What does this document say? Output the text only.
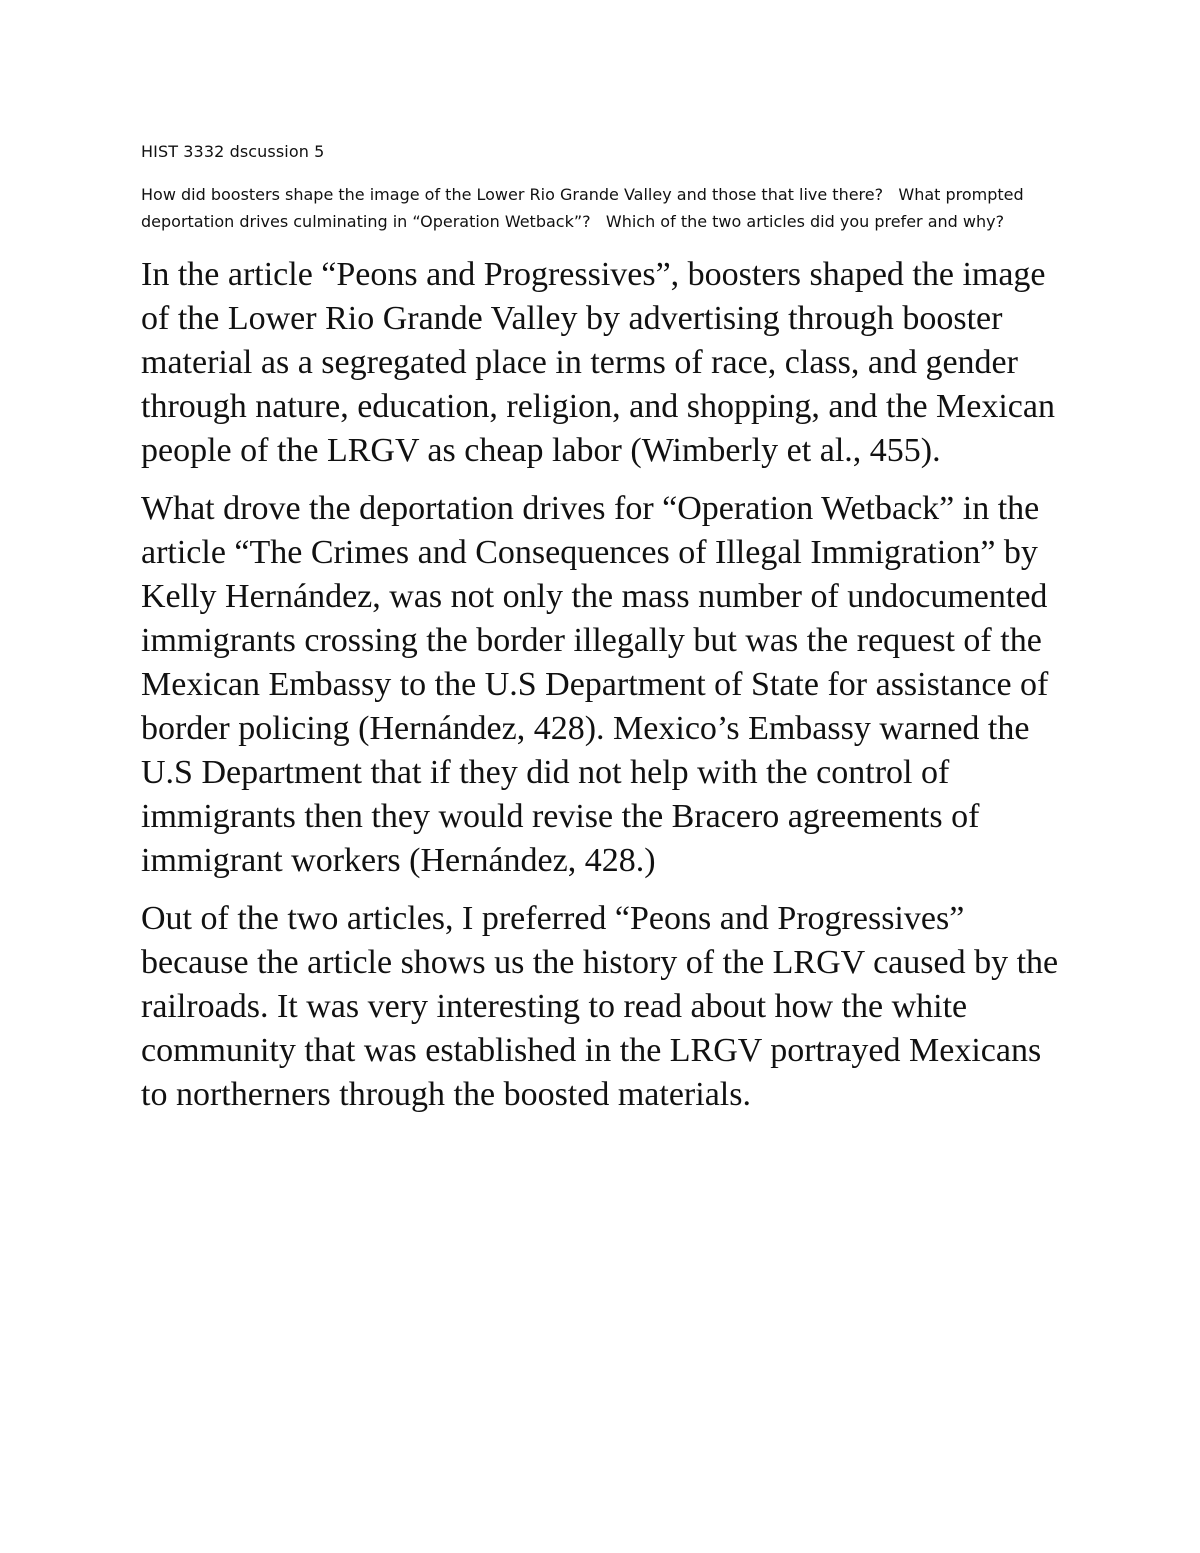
HIST 3332 dscussion 5

How did boosters shape the image of the Lower Rio Grande Valley and those that live there?   What prompted deportation drives culminating in “Operation Wetback”?   Which of the two articles did you prefer and why?

In the article “Peons and Progressives”, boosters shaped the image of the Lower Rio Grande Valley by advertising through booster material as a segregated place in terms of race, class, and gender through nature, education, religion, and shopping, and the Mexican people of the LRGV as cheap labor (Wimberly et al., 455).

What drove the deportation drives for “Operation Wetback” in the article “The Crimes and Consequences of Illegal Immigration” by Kelly Hernández, was not only the mass number of undocumented immigrants crossing the border illegally but was the request of the Mexican Embassy to the U.S Department of State for assistance of border policing (Hernández, 428). Mexico’s Embassy warned the U.S Department that if they did not help with the control of immigrants then they would revise the Bracero agreements of immigrant workers (Hernández, 428.)

Out of the two articles, I preferred “Peons and Progressives” because the article shows us the history of the LRGV caused by the railroads. It was very interesting to read about how the white community that was established in the LRGV portrayed Mexicans to northerners through the boosted materials.
